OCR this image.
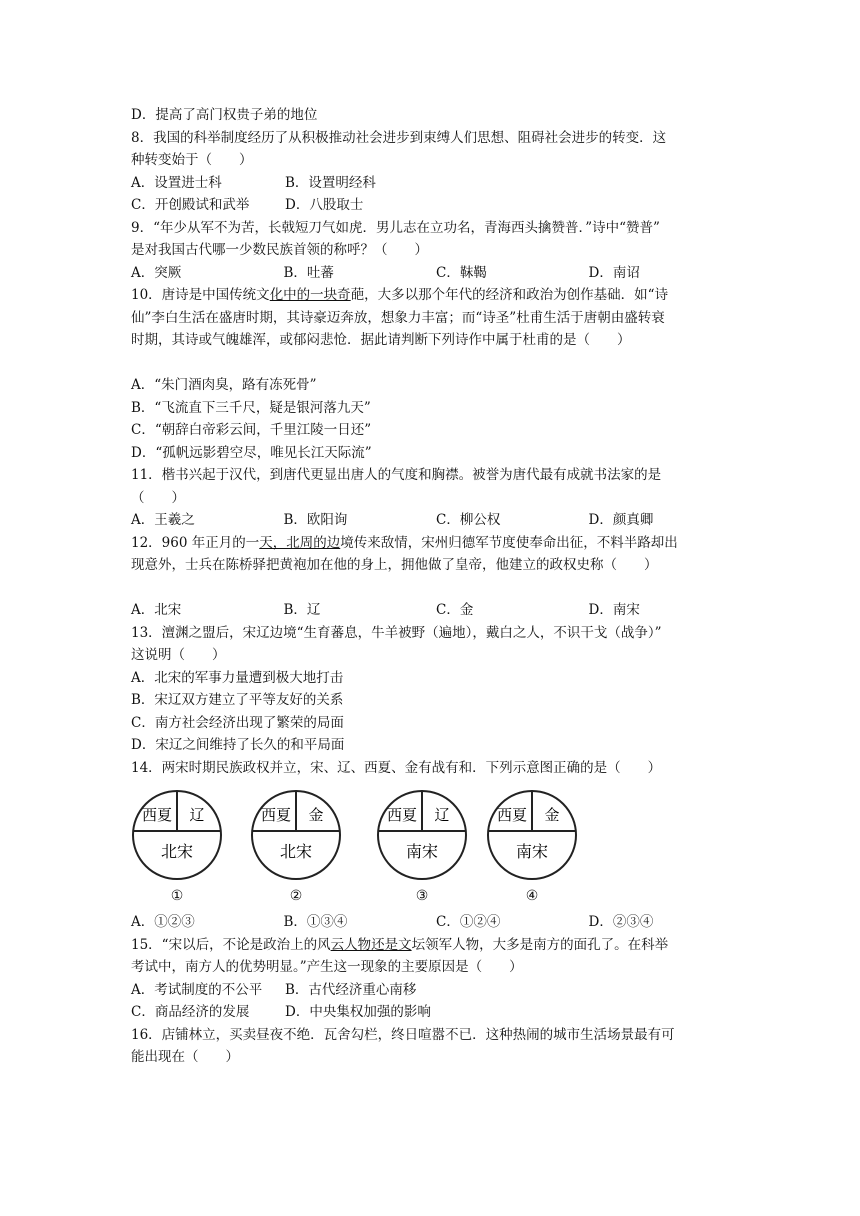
D．提高了高门权贵子弟的地位
8．我国的科举制度经历了从积极推动社会进步到束缚人们思想、阻碍社会进步的转变．这
种转变始于（　　）
A．设置进士科	B．设置明经科
C．开创殿试和武举	D．八股取士
9．“年少从军不为苦，长戟短刀气如虎．男儿志在立功名，青海西头擒赞普．”诗中“赞普”
是对我国古代哪一少数民族首领的称呼？（　　）
A．突厥	B．吐蕃	C．靺鞨	D．南诏
10．唐诗是中国传统文化中的一块奇葩，大多以那个年代的经济和政治为创作基础．如“诗
仙”李白生活在盛唐时期，其诗豪迈奔放，想象力丰富；而“诗圣”杜甫生活于唐朝由盛转衰
时期，其诗或气魄雄浑，或郁闷悲怆．据此请判断下列诗作中属于杜甫的是（　　）
A．“朱门酒肉臭，路有冻死骨”
B．“飞流直下三千尺，疑是银河落九天”
C．“朝辞白帝彩云间，千里江陵一日还”
D．“孤帆远影碧空尽，唯见长江天际流”
11．楷书兴起于汉代，到唐代更显出唐人的气度和胸襟。被誉为唐代最有成就书法家的是
（　　）
A．王羲之	B．欧阳询	C．柳公权	D．颜真卿
12．960 年正月的一天，北周的边境传来敌情，宋州归德军节度使奉命出征，不料半路却出
现意外，士兵在陈桥驿把黄袍加在他的身上，拥他做了皇帝，他建立的政权史称（　　）
A．北宋	B．辽	C．金	D．南宋
13．澶渊之盟后，宋辽边境“生育蕃息，牛羊被野（遍地），戴白之人，不识干戈（战争）”
这说明（　　）
A．北宋的军事力量遭到极大地打击
B．宋辽双方建立了平等友好的关系
C．南方社会经济出现了繁荣的局面
D．宋辽之间维持了长久的和平局面
14．两宋时期民族政权并立，宋、辽、西夏、金有战有和．下列示意图正确的是（　　）
西夏 辽
北宋
①
西夏 金
北宋
②
西夏 辽
南宋
③
西夏 金
南宋
④
A．①②③	B．①③④	C．①②④	D．②③④
15．“宋以后，不论是政治上的风云人物还是文坛领军人物，大多是南方的面孔了。在科举
考试中，南方人的优势明显。”产生这一现象的主要原因是（　　）
A．考试制度的不公平 B．古代经济重心南移
C．商品经济的发展	D．中央集权加强的影响
16．店铺林立，买卖昼夜不绝．瓦舍勾栏，终日喧嚣不已．这种热闹的城市生活场景最有可
能出现在（　　）
